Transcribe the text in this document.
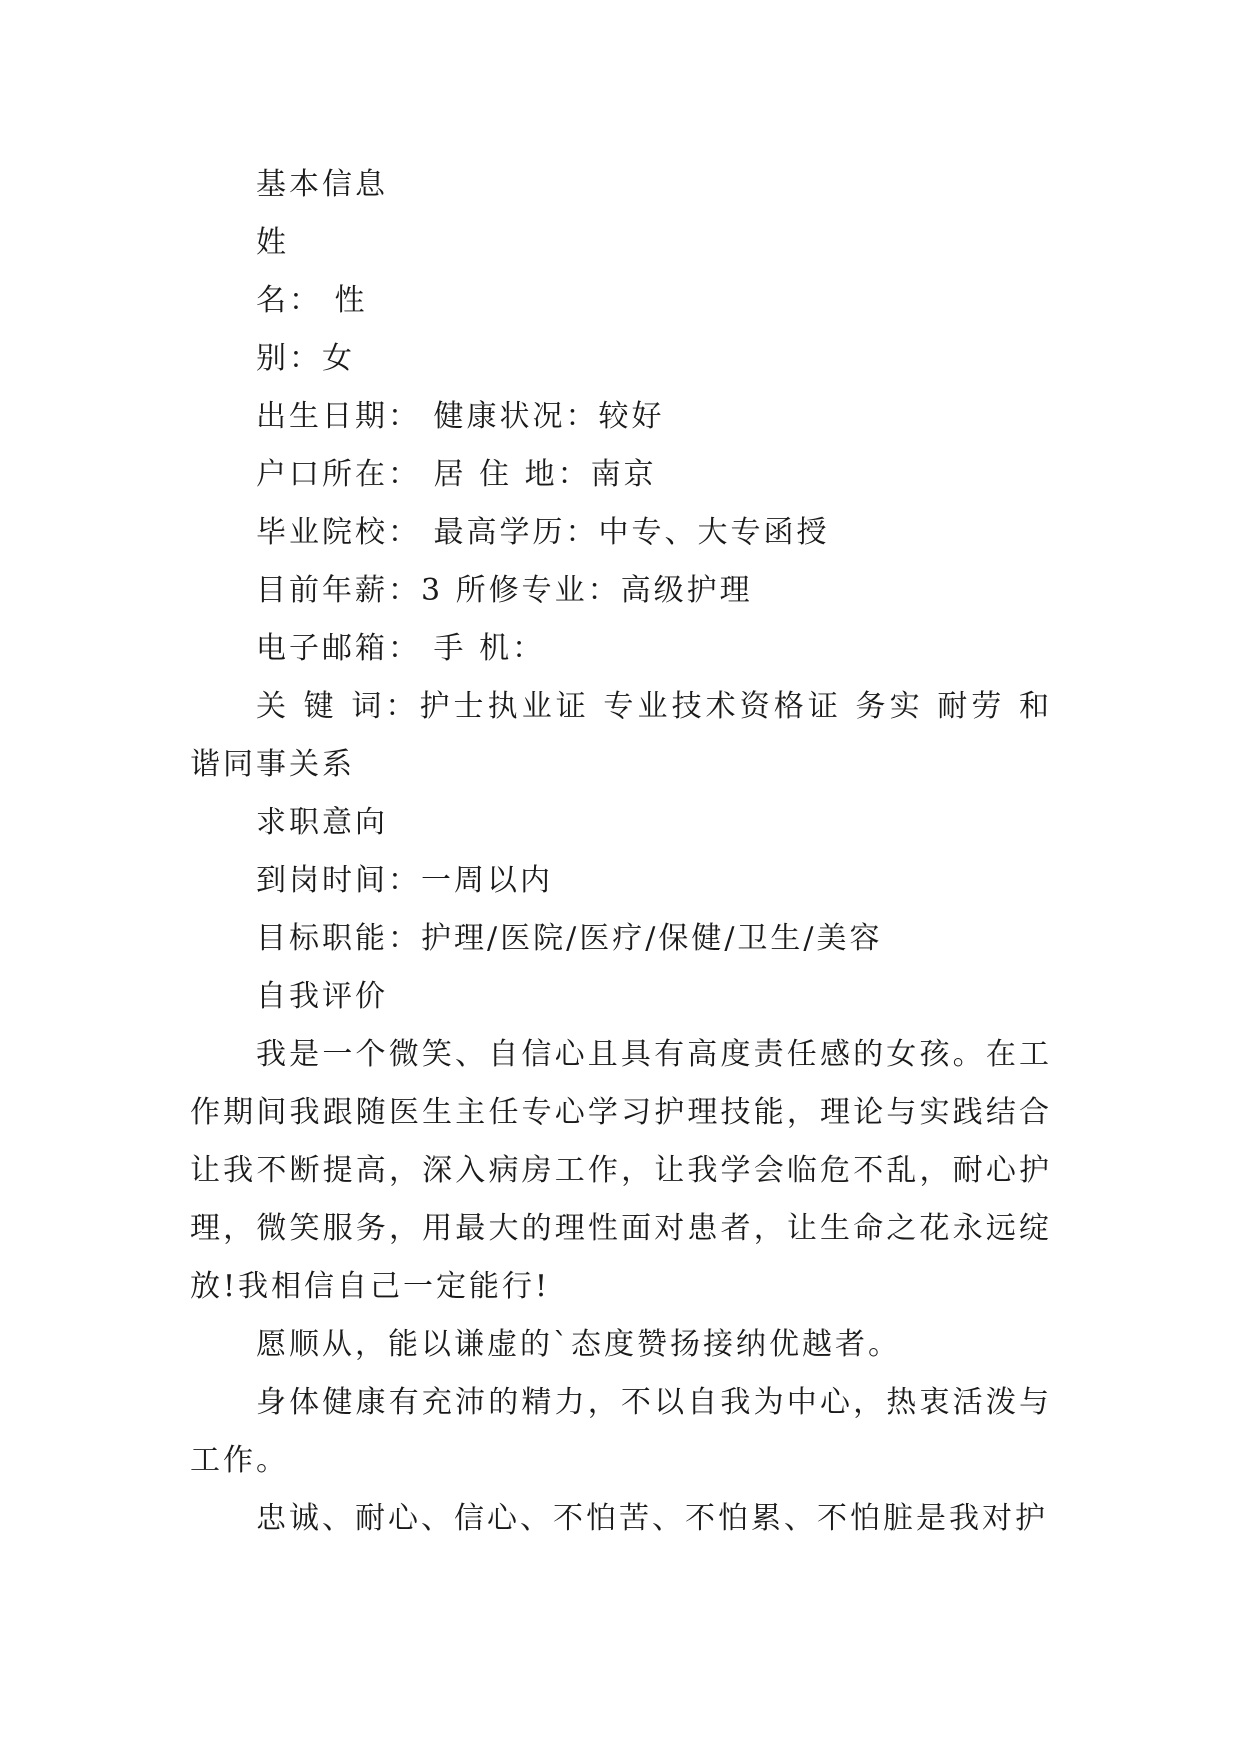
基本信息
姓
名： 性
别：女
出生日期： 健康状况：较好
户口所在： 居 住 地：南京
毕业院校： 最高学历：中专、大专函授
目前年薪：3 所修专业：高级护理
电子邮箱： 手 机：
关 键 词：护士执业证 专业技术资格证 务实 耐劳 和谐同事关系
求职意向
到岗时间：一周以内
目标职能：护理/医院/医疗/保健/卫生/美容
自我评价
我是一个微笑、自信心且具有高度责任感的女孩。在工作期间我跟随医生主任专心学习护理技能，理论与实践结合让我不断提高，深入病房工作，让我学会临危不乱，耐心护理，微笑服务，用最大的理性面对患者，让生命之花永远绽放!我相信自己一定能行!
愿顺从，能以谦虚的`态度赞扬接纳优越者。
身体健康有充沛的精力，不以自我为中心，热衷活泼与工作。
忠诚、耐心、信心、不怕苦、不怕累、不怕脏是我对护
